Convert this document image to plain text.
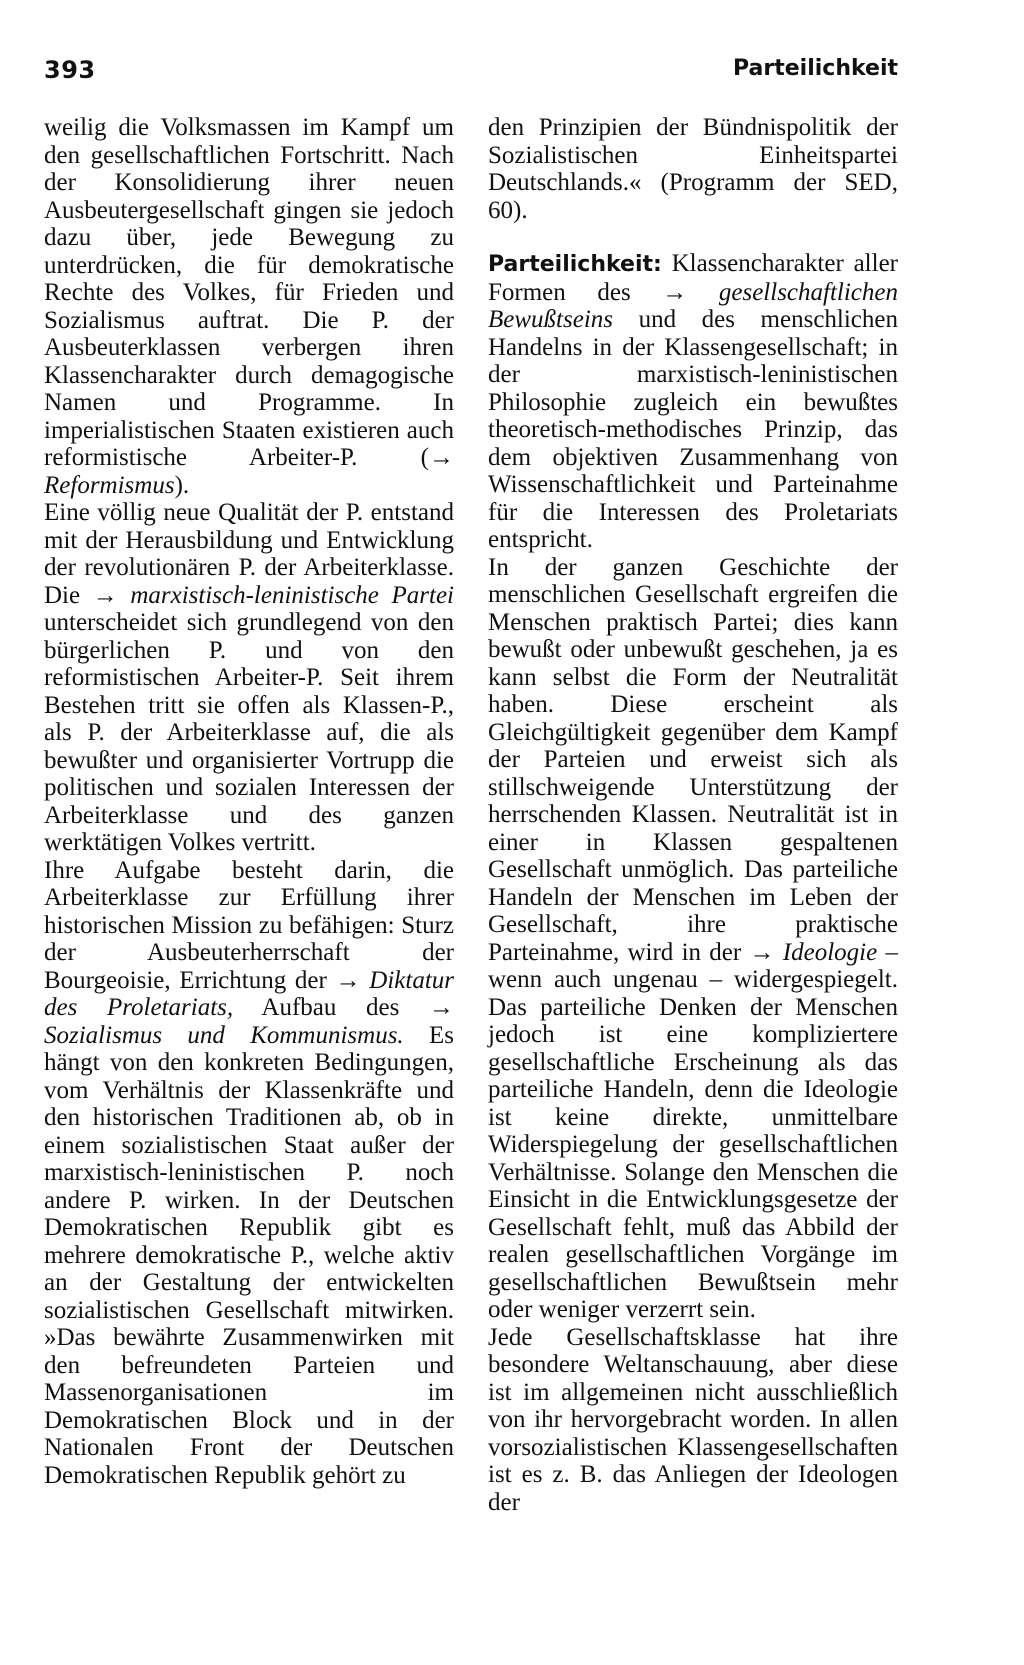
393	Parteilichkeit

weilig die Volksmassen im Kampf um den gesellschaftlichen Fortschritt. Nach der Konsolidierung ihrer neuen Ausbeutergesellschaft gingen sie jedoch dazu über, jede Bewegung zu unterdrücken, die für demokratische Rechte des Volkes, für Frieden und Sozialismus auftrat. Die P. der Ausbeuterklassen verbergen ihren Klassencharakter durch demagogische Namen und Programme. In imperialistischen Staaten existieren auch reformistische Arbeiter-P. (→ Reformismus).

Eine völlig neue Qualität der P. entstand mit der Herausbildung und Entwicklung der revolutionären P. der Arbeiterklasse. Die → marxistisch-leninistische Partei unterscheidet sich grundlegend von den bürgerlichen P. und von den reformistischen Arbeiter-P. Seit ihrem Bestehen tritt sie offen als Klassen-P., als P. der Arbeiterklasse auf, die als bewußter und organisierter Vortrupp die politischen und sozialen Interessen der Arbeiterklasse und des ganzen werktätigen Volkes vertritt.

Ihre Aufgabe besteht darin, die Arbeiterklasse zur Erfüllung ihrer historischen Mission zu befähigen: Sturz der Ausbeuterherrschaft der Bourgeoisie, Errichtung der → Diktatur des Proletariats, Aufbau des → Sozialismus und Kommunismus. Es hängt von den konkreten Bedingungen, vom Verhältnis der Klassenkräfte und den historischen Traditionen ab, ob in einem sozialistischen Staat außer der marxistisch-leninistischen P. noch andere P. wirken. In der Deutschen Demokratischen Republik gibt es mehrere demokratische P., welche aktiv an der Gestaltung der entwickelten sozialistischen Gesellschaft mitwirken. »Das bewährte Zusammenwirken mit den befreundeten Parteien und Massenorganisationen im Demokratischen Block und in der Nationalen Front der Deutschen Demokratischen Republik gehört zu

den Prinzipien der Bündnispolitik der Sozialistischen Einheitspartei Deutschlands.« (Programm der SED, 60).

Parteilichkeit: Klassencharakter aller Formen des → gesellschaftlichen Bewußtseins und des menschlichen Handelns in der Klassengesellschaft; in der marxistisch-leninistischen Philosophie zugleich ein bewußtes theoretisch-methodisches Prinzip, das dem objektiven Zusammenhang von Wissenschaftlichkeit und Parteinahme für die Interessen des Proletariats entspricht.

In der ganzen Geschichte der menschlichen Gesellschaft ergreifen die Menschen praktisch Partei; dies kann bewußt oder unbewußt geschehen, ja es kann selbst die Form der Neutralität haben. Diese erscheint als Gleichgültigkeit gegenüber dem Kampf der Parteien und erweist sich als stillschweigende Unterstützung der herrschenden Klassen. Neutralität ist in einer in Klassen gespaltenen Gesellschaft unmöglich. Das parteiliche Handeln der Menschen im Leben der Gesellschaft, ihre praktische Parteinahme, wird in der → Ideologie – wenn auch ungenau – widergespiegelt. Das parteiliche Denken der Menschen jedoch ist eine kompliziertere gesellschaftliche Erscheinung als das parteiliche Handeln, denn die Ideologie ist keine direkte, unmittelbare Widerspiegelung der gesellschaftlichen Verhältnisse. Solange den Menschen die Einsicht in die Entwicklungsgesetze der Gesellschaft fehlt, muß das Abbild der realen gesellschaftlichen Vorgänge im gesellschaftlichen Bewußtsein mehr oder weniger verzerrt sein.

Jede Gesellschaftsklasse hat ihre besondere Weltanschauung, aber diese ist im allgemeinen nicht ausschließlich von ihr hervorgebracht worden. In allen vorsozialistischen Klassengesellschaften ist es z. B. das Anliegen der Ideologen der
